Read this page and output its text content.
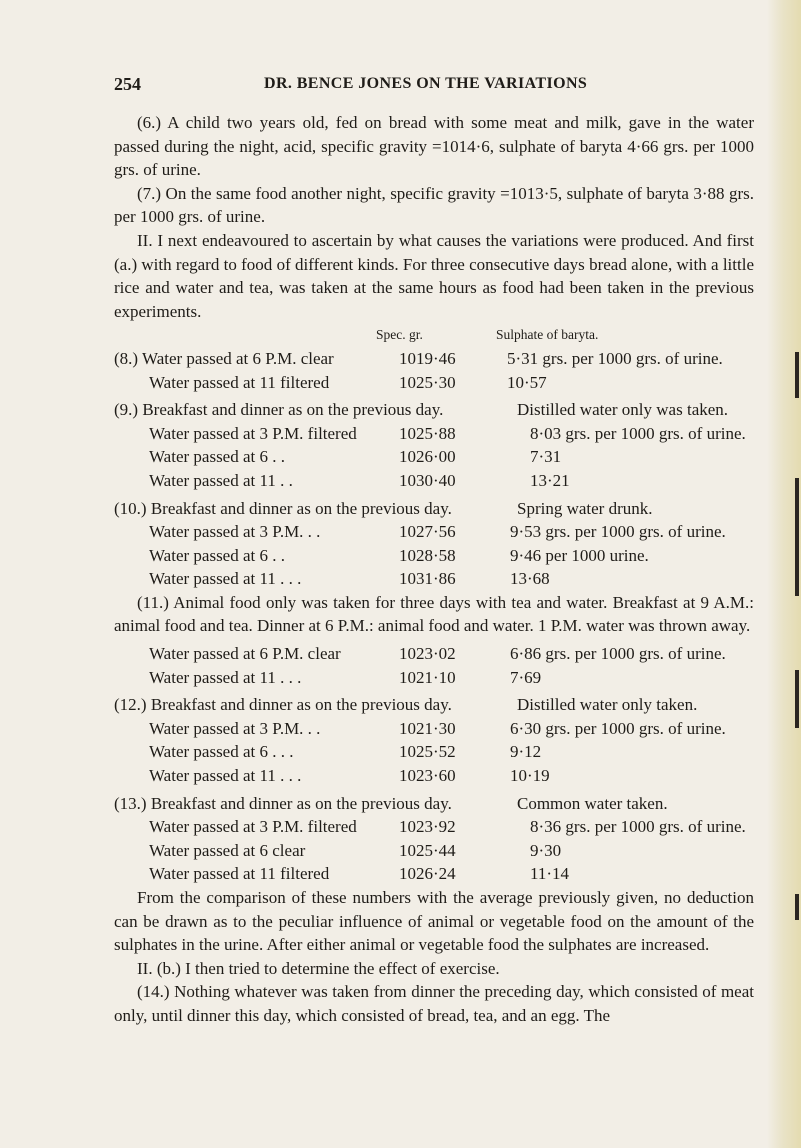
254	DR. BENCE JONES ON THE VARIATIONS

(6.) A child two years old, fed on bread with some meat and milk, gave in the water passed during the night, acid, specific gravity =1014·6, sulphate of baryta 4·66 grs. per 1000 grs. of urine.

(7.) On the same food another night, specific gravity =1013·5, sulphate of baryta 3·88 grs. per 1000 grs. of urine.

II. I next endeavoured to ascertain by what causes the variations were produced. And first (a.) with regard to food of different kinds. For three consecutive days bread alone, with a little rice and water and tea, was taken at the same hours as food had been taken in the previous experiments.

Spec. gr.	Sulphate of baryta.
(8.) Water passed at 6 P.M. clear	1019·46	5·31 grs. per 1000 grs. of urine.
Water passed at 11 filtered	1025·30	10·57
(9.) Breakfast and dinner as on the previous day.	Distilled water only was taken.
Water passed at 3 P.M. filtered 1025·88	8·03 grs. per 1000 grs. of urine.
Water passed at 6 . .	1026·00	7·31
Water passed at 11 . .	1030·40	13·21
(10.) Breakfast and dinner as on the previous day.	Spring water drunk.
Water passed at 3 P.M. . .	1027·56	9·53 grs. per 1000 grs. of urine.
Water passed at 6 . .	1028·58	9·46 per 1000 urine.
Water passed at 11 . . .	1031·86	13·68

(11.) Animal food only was taken for three days with tea and water. Breakfast at 9 A.M.: animal food and tea. Dinner at 6 P.M.: animal food and water. 1 P.M. water was thrown away.

Water passed at 6 P.M. clear	1023·02	6·86 grs. per 1000 grs. of urine.
Water passed at 11 . . .	1021·10	7·69
(12.) Breakfast and dinner as on the previous day.	Distilled water only taken.
Water passed at 3 P.M. . .	1021·30	6·30 grs. per 1000 grs. of urine.
Water passed at 6 . . .	1025·52	9·12
Water passed at 11 . . .	1023·60	10·19
(13.) Breakfast and dinner as on the previous day.	Common water taken.
Water passed at 3 P.M. filtered 1023·92	8·36 grs. per 1000 grs. of urine.
Water passed at 6 clear	1025·44	9·30
Water passed at 11 filtered	1026·24	11·14

From the comparison of these numbers with the average previously given, no deduction can be drawn as to the peculiar influence of animal or vegetable food on the amount of the sulphates in the urine. After either animal or vegetable food the sulphates are increased.

II. (b.) I then tried to determine the effect of exercise.

(14.) Nothing whatever was taken from dinner the preceding day, which consisted of meat only, until dinner this day, which consisted of bread, tea, and an egg. The
